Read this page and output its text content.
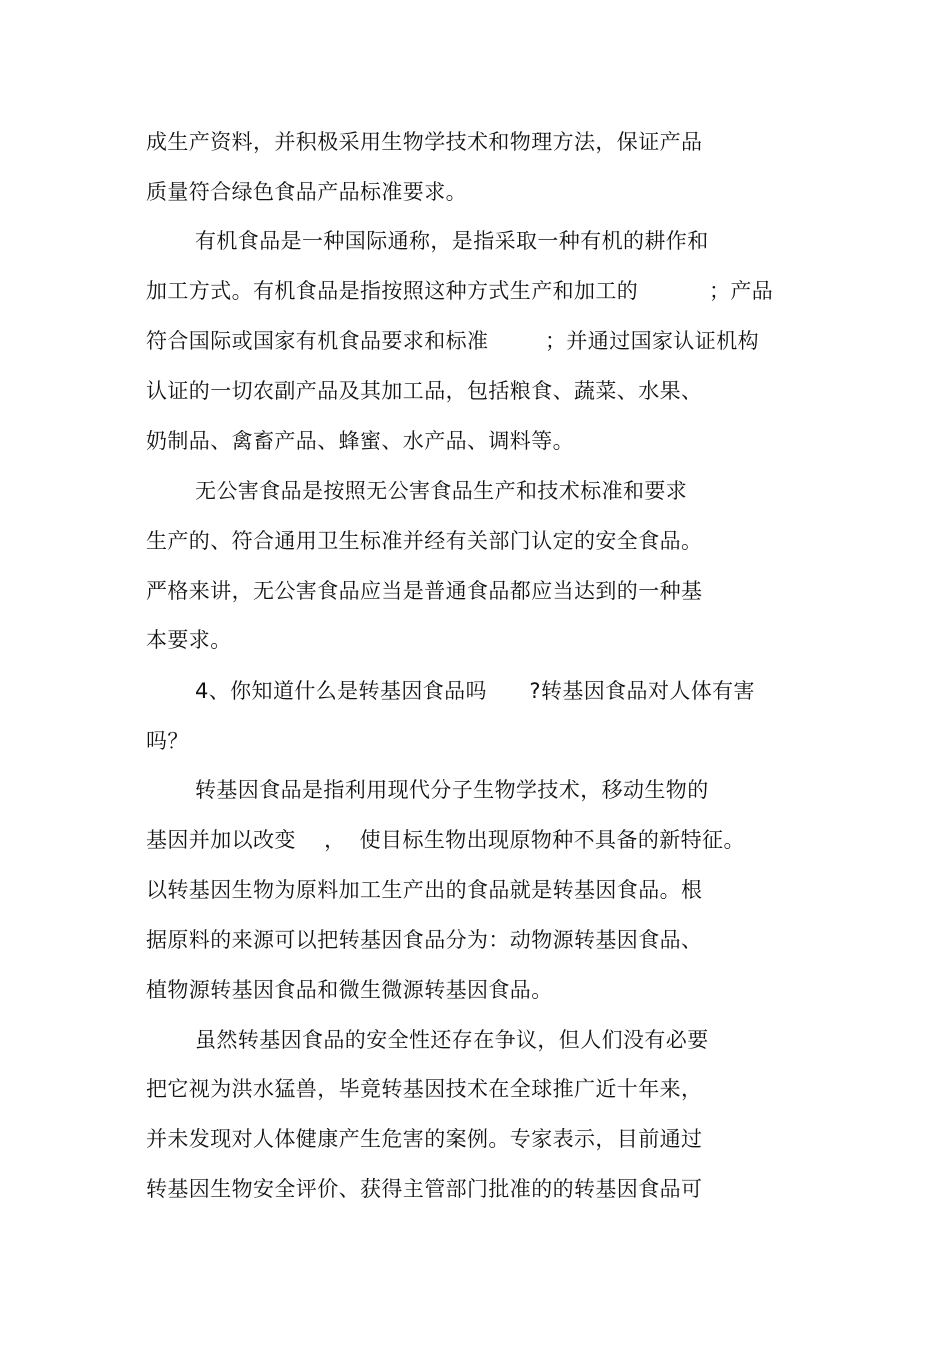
成生产资料，并积极采用生物学技术和物理方法，保证产品
质量符合绿色食品产品标准要求。
有机食品是一种国际通称，是指采取一种有机的耕作和
加工方式。有机食品是指按照这种方式生产和加工的          ；产品
符合国际或国家有机食品要求和标准        ；并通过国家认证机构
认证的一切农副产品及其加工品，包括粮食、蔬菜、水果、
奶制品、禽畜产品、蜂蜜、水产品、调料等。
无公害食品是按照无公害食品生产和技术标准和要求
生产的、符合通用卫生标准并经有关部门认定的安全食品。
严格来讲，无公害食品应当是普通食品都应当达到的一种基
本要求。
4、你知道什么是转基因食品吗      ?转基因食品对人体有害
吗？
转基因食品是指利用现代分子生物学技术，移动生物的
基因并加以改变    ，  使目标生物出现原物种不具备的新特征。
以转基因生物为原料加工生产出的食品就是转基因食品。根
据原料的来源可以把转基因食品分为：动物源转基因食品、
植物源转基因食品和微生微源转基因食品。
虽然转基因食品的安全性还存在争议，但人们没有必要
把它视为洪水猛兽，毕竟转基因技术在全球推广近十年来，
并未发现对人体健康产生危害的案例。专家表示，目前通过
转基因生物安全评价、获得主管部门批准的的转基因食品可
